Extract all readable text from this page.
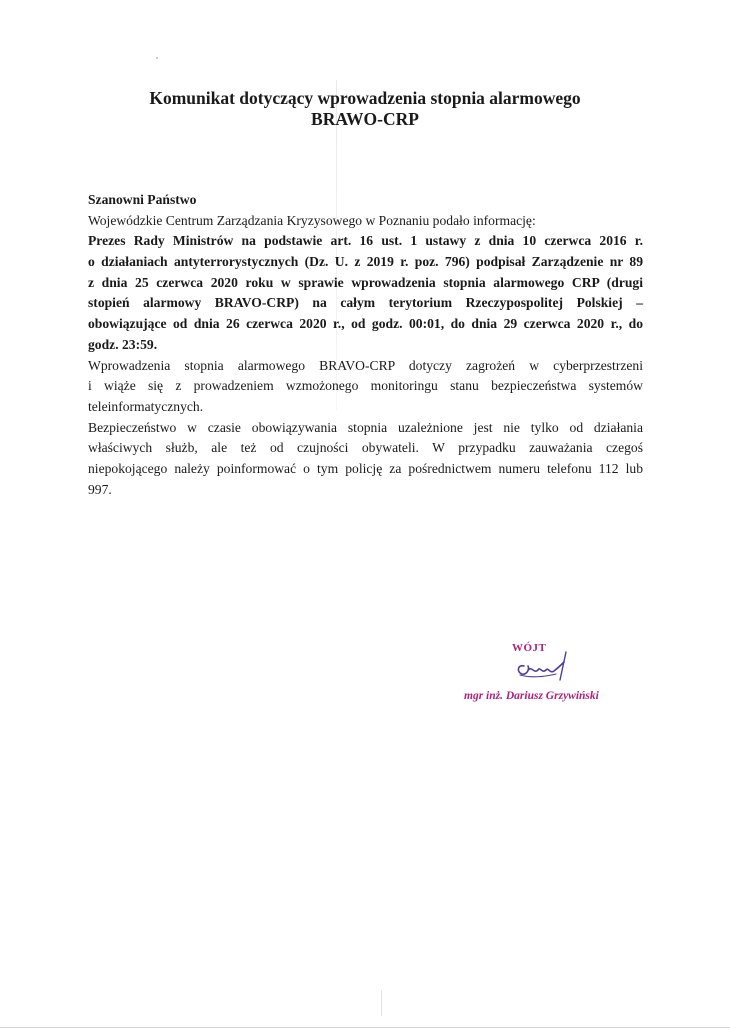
Komunikat dotyczący wprowadzenia stopnia alarmowego
BRAWO-CRP
Szanowni Państwo
Wojewódzkie Centrum Zarządzania Kryzysowego w Poznaniu podało informację:
Prezes Rady Ministrów na podstawie art. 16 ust. 1 ustawy z dnia 10 czerwca 2016 r.
o działaniach antyterrorystycznych (Dz. U. z 2019 r. poz. 796) podpisał Zarządzenie nr 89
z dnia 25 czerwca 2020 roku w sprawie wprowadzenia stopnia alarmowego CRP (drugi
stopień alarmowy BRAVO-CRP) na całym terytorium Rzeczypospolitej Polskiej –
obowiązujące od dnia 26 czerwca 2020 r., od godz. 00:01, do dnia 29 czerwca 2020 r., do
godz. 23:59.
Wprowadzenia stopnia alarmowego BRAVO-CRP dotyczy zagrożeń w cyberprzestrzeni
i wiąże się z prowadzeniem wzmożonego monitoringu stanu bezpieczeństwa systemów
teleinformatycznych.
Bezpieczeństwo w czasie obowiązywania stopnia uzależnione jest nie tylko od działania
właściwych służb, ale też od czujności obywateli. W przypadku zauważania czegoś
niepokojącego należy poinformować o tym policję za pośrednictwem numeru telefonu 112 lub
997.
WÓJT
mgr inż. Dariusz Grzywiński
